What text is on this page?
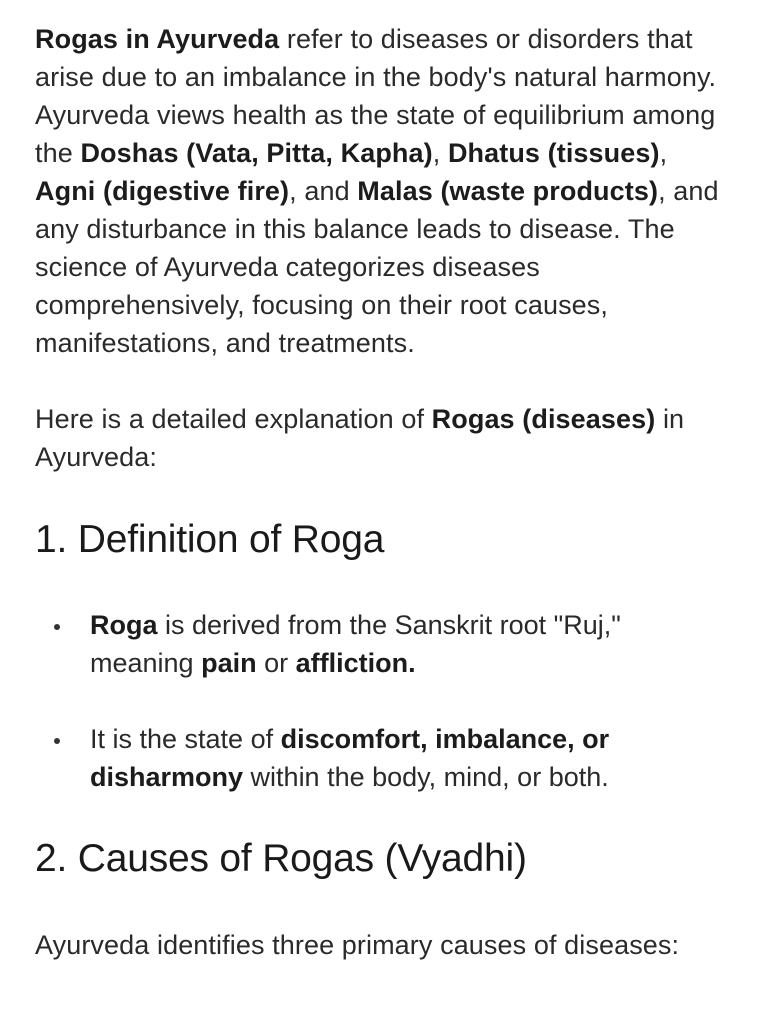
Rogas in Ayurveda refer to diseases or disorders that arise due to an imbalance in the body's natural harmony. Ayurveda views health as the state of equilibrium among the Doshas (Vata, Pitta, Kapha), Dhatus (tissues), Agni (digestive fire), and Malas (waste products), and any disturbance in this balance leads to disease. The science of Ayurveda categorizes diseases comprehensively, focusing on their root causes, manifestations, and treatments.

Here is a detailed explanation of Rogas (diseases) in Ayurveda:

1. Definition of Roga

Roga is derived from the Sanskrit root "Ruj," meaning pain or affliction.

It is the state of discomfort, imbalance, or disharmony within the body, mind, or both.

2. Causes of Rogas (Vyadhi)

Ayurveda identifies three primary causes of diseases:
